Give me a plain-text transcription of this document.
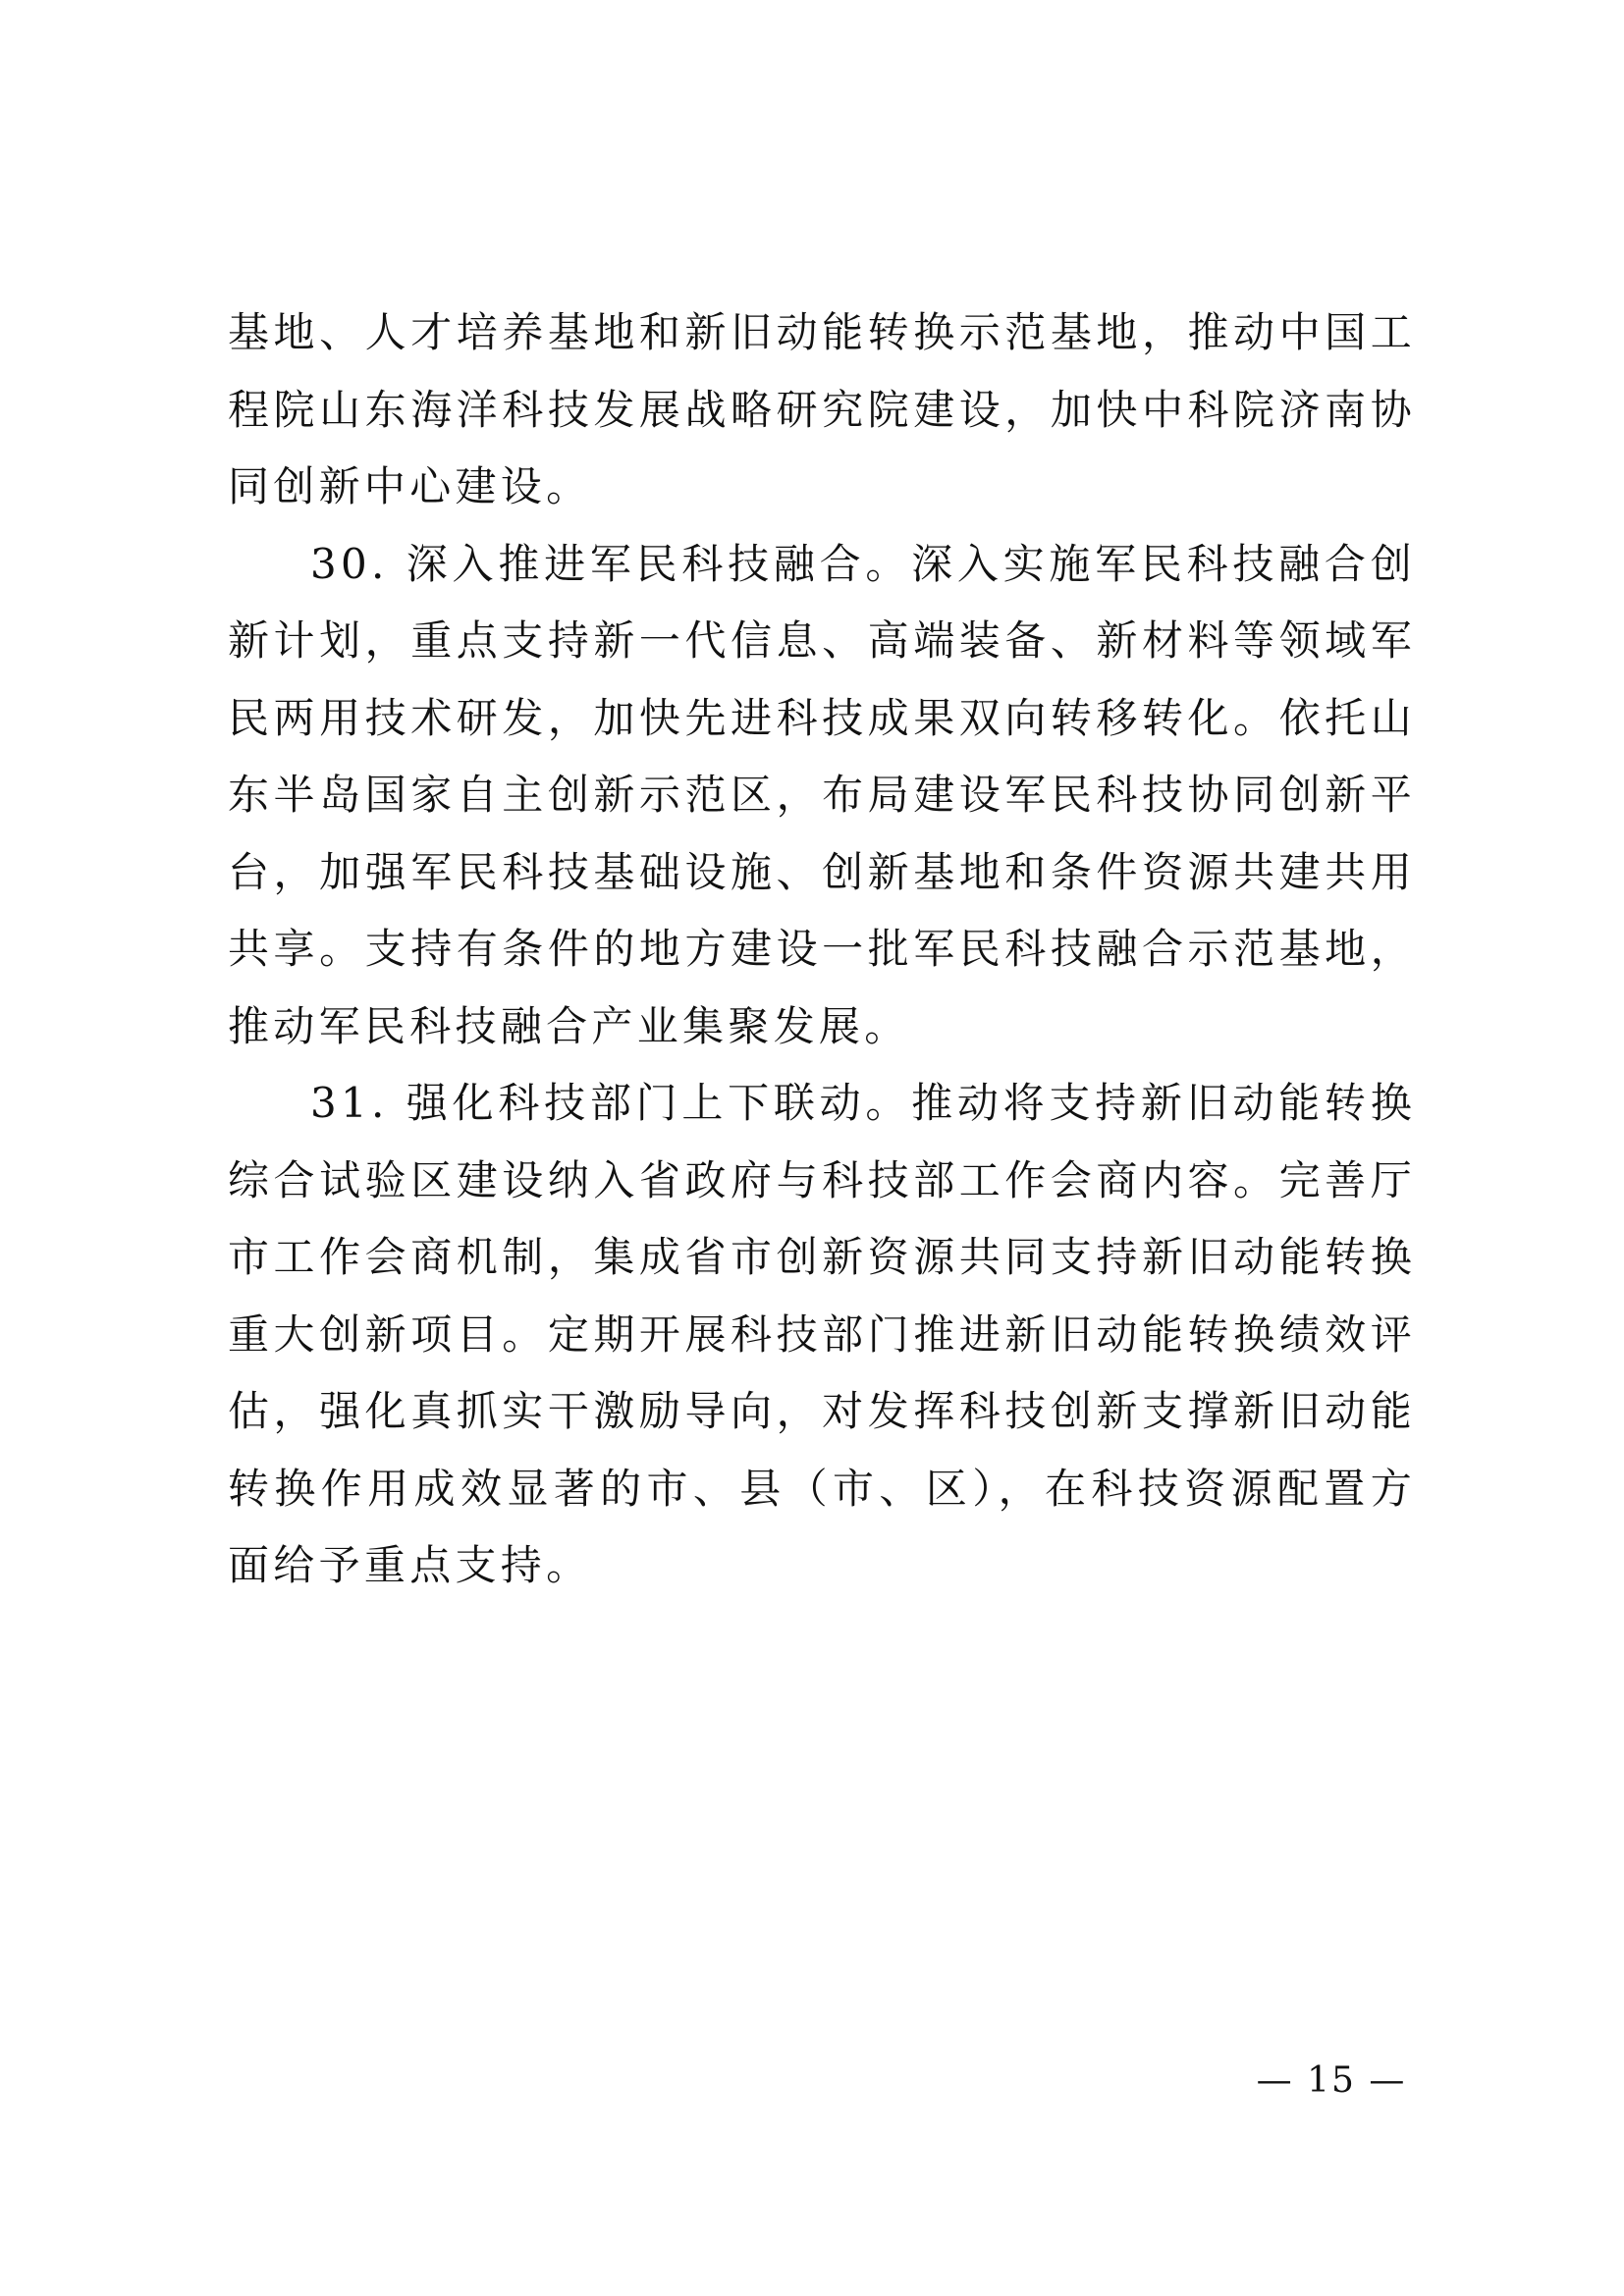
基地、人才培养基地和新旧动能转换示范基地，推动中国工程院山东海洋科技发展战略研究院建设，加快中科院济南协同创新中心建设。

30. 深入推进军民科技融合。深入实施军民科技融合创新计划，重点支持新一代信息、高端装备、新材料等领域军民两用技术研发，加快先进科技成果双向转移转化。依托山东半岛国家自主创新示范区，布局建设军民科技协同创新平台，加强军民科技基础设施、创新基地和条件资源共建共用共享。支持有条件的地方建设一批军民科技融合示范基地，推动军民科技融合产业集聚发展。

31. 强化科技部门上下联动。推动将支持新旧动能转换综合试验区建设纳入省政府与科技部工作会商内容。完善厅市工作会商机制，集成省市创新资源共同支持新旧动能转换重大创新项目。定期开展科技部门推进新旧动能转换绩效评估，强化真抓实干激励导向，对发挥科技创新支撑新旧动能转换作用成效显著的市、县（市、区），在科技资源配置方面给予重点支持。

— 15 —
